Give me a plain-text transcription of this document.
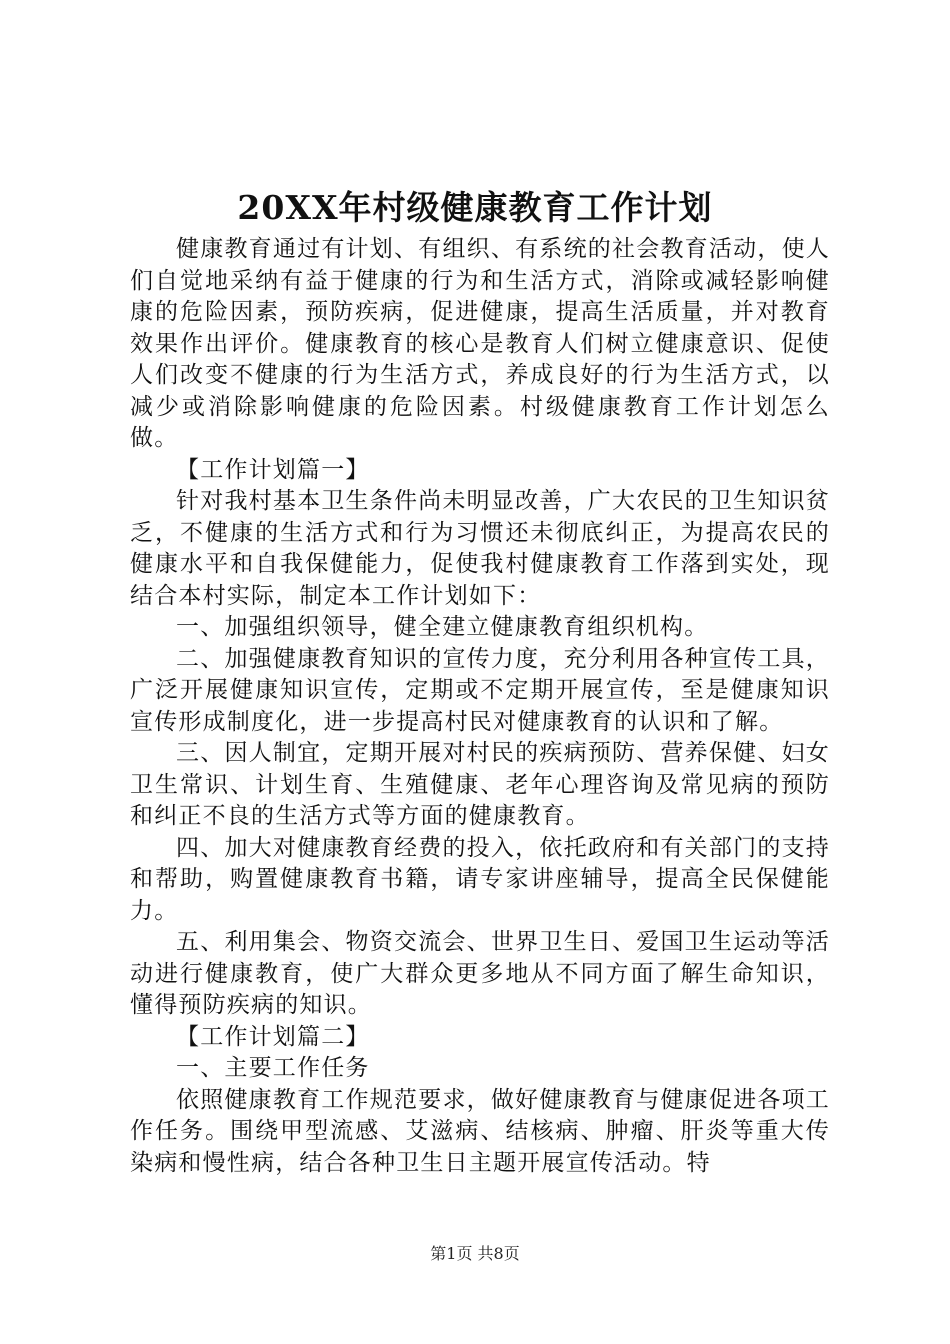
20XX年村级健康教育工作计划

健康教育通过有计划、有组织、有系统的社会教育活动，使人们自觉地采纳有益于健康的行为和生活方式，消除或减轻影响健康的危险因素，预防疾病，促进健康，提高生活质量，并对教育效果作出评价。健康教育的核心是教育人们树立健康意识、促使人们改变不健康的行为生活方式，养成良好的行为生活方式，以减少或消除影响健康的危险因素。村级健康教育工作计划怎么做。

【工作计划篇一】

针对我村基本卫生条件尚未明显改善，广大农民的卫生知识贫乏，不健康的生活方式和行为习惯还未彻底纠正，为提高农民的健康水平和自我保健能力，促使我村健康教育工作落到实处，现结合本村实际，制定本工作计划如下：

一、加强组织领导，健全建立健康教育组织机构。

二、加强健康教育知识的宣传力度，充分利用各种宣传工具，广泛开展健康知识宣传，定期或不定期开展宣传，至是健康知识宣传形成制度化，进一步提高村民对健康教育的认识和了解。

三、因人制宜，定期开展对村民的疾病预防、营养保健、妇女卫生常识、计划生育、生殖健康、老年心理咨询及常见病的预防和纠正不良的生活方式等方面的健康教育。

四、加大对健康教育经费的投入，依托政府和有关部门的支持和帮助，购置健康教育书籍，请专家讲座辅导，提高全民保健能力。

五、利用集会、物资交流会、世界卫生日、爱国卫生运动等活动进行健康教育，使广大群众更多地从不同方面了解生命知识，懂得预防疾病的知识。

【工作计划篇二】

一、主要工作任务

依照健康教育工作规范要求，做好健康教育与健康促进各项工作任务。围绕甲型流感、艾滋病、结核病、肿瘤、肝炎等重大传染病和慢性病，结合各种卫生日主题开展宣传活动。特

第1页 共8页
